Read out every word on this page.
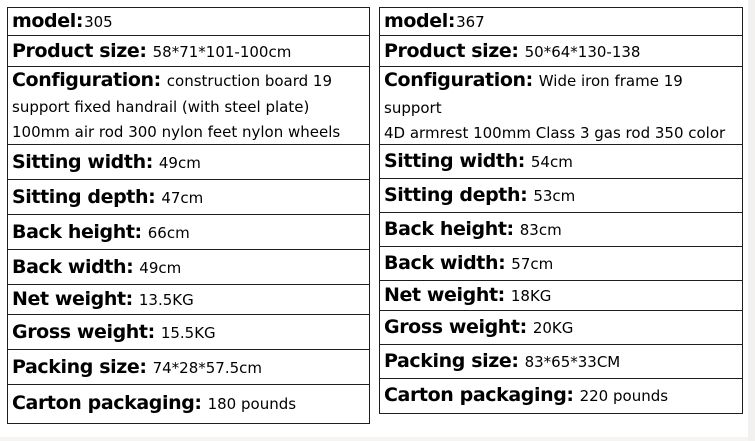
model:305
Product size: 58*71*101-100cm
Configuration: construction board 19
support fixed handrail (with steel plate)
100mm air rod 300 nylon feet nylon wheels
Sitting width: 49cm
Sitting depth: 47cm
Back height: 66cm
Back width: 49cm
Net weight: 13.5KG
Gross weight: 15.5KG
Packing size: 74*28*57.5cm
Carton packaging: 180 pounds
model:367
Product size: 50*64*130-138
Configuration: Wide iron frame 19 support
4D armrest 100mm Class 3 gas rod 350 color
Sitting width: 54cm
Sitting depth: 53cm
Back height: 83cm
Back width: 57cm
Net weight: 18KG
Gross weight: 20KG
Packing size: 83*65*33CM
Carton packaging: 220 pounds
